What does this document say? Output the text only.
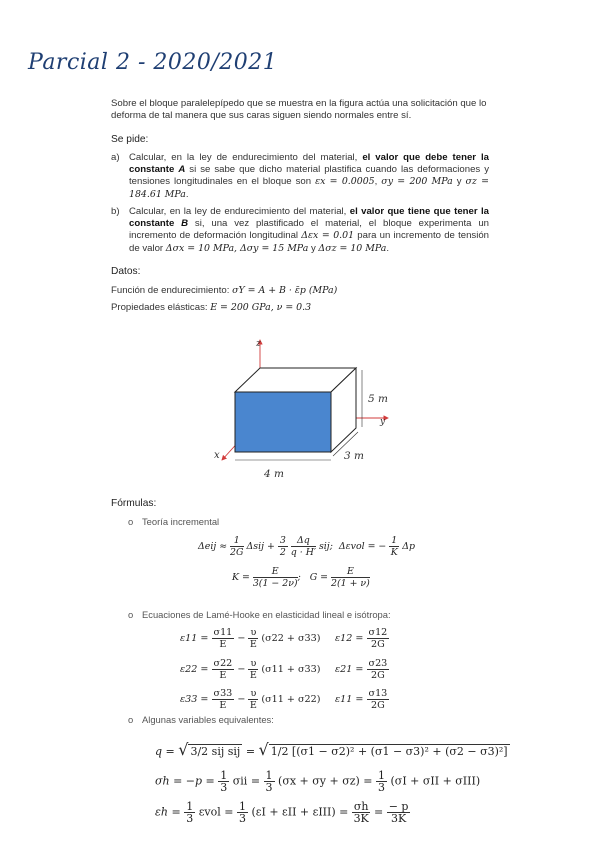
Parcial 2 - 2020/2021
Sobre el bloque paralelepípedo que se muestra en la figura actúa una solicitación que lo deforma de tal manera que sus caras siguen siendo normales entre sí.
Se pide:
a) Calcular, en la ley de endurecimiento del material, el valor que debe tener la constante A si se sabe que dicho material plastifica cuando las deformaciones y tensiones longitudinales en el bloque son εx = 0.0005, σy = 200 MPa y σz = 184.61 MPa.
b) Calcular, en la ley de endurecimiento del material, el valor que tiene que tener la constante B si, una vez plastificado el material, el bloque experimenta un incremento de deformación longitudinal Δεx = 0.01 para un incremento de tensión de valor Δσx = 10 MPa, Δσy = 15 MPa y Δσz = 10 MPa.
Datos:
Función de endurecimiento: σY = A + B · ε̄p (MPa)
Propiedades elásticas: E = 200 GPa, ν = 0.3
z
y
x
5 m
3 m
4 m
Fórmulas:
o Teoría incremental
$\Delta eij \approx \frac{1}{2G}$ $\Delta sij + \frac{3}{2}$
$\frac{\Delta q}{q \cdot H'}$ sij; Δεvol = − $\frac{1}{K}$ Δp
$K = \frac{E}{3(1 - 2\nu)}$ ; $G = \frac{E}{2(1 + \nu)}$
o Ecuaciones de Lamé-Hooke en elasticidad lineal e isótropa:
$\varepsilon 11 = \frac{\sigma 11}{E} - \frac{\upsilon}{E} (\sigma 22 + \sigma 33)$
$\varepsilon 22 = \frac{\sigma 22}{E} - \frac{\upsilon}{E} (\sigma 11 + \sigma 33)$
$\varepsilon 33 = \frac{\sigma 33}{E} - \frac{\upsilon}{E} (\sigma 11 + \sigma 22)$
$\varepsilon 12 = \frac{\sigma 12}{2G}$
$\varepsilon 21 = \frac{\sigma 23}{2G}$
$\varepsilon 11 = \frac{\sigma 13}{2G}$
o Algunas variables equivalentes:
q = √ 3/2 sij sij = √ 1/2 [(σ1 − σ2)² + (σ1 − σ3)² + (σ2 − σ3)²]
$\sigma h = -p = \frac{1}{3}$ $\sigma ii = \frac{1}{3} (\sigma x + \sigma y + \sigma z) = \frac{1}{3} (\sigma I + \sigma II + \sigma III)$
$\varepsilon h = \frac{1}{3}$ $\varepsilon vol = \frac{1}{3} (\varepsilon I + \varepsilon II + \varepsilon III) = \frac{\sigma h}{3K} = \frac{- p}{3K}$
